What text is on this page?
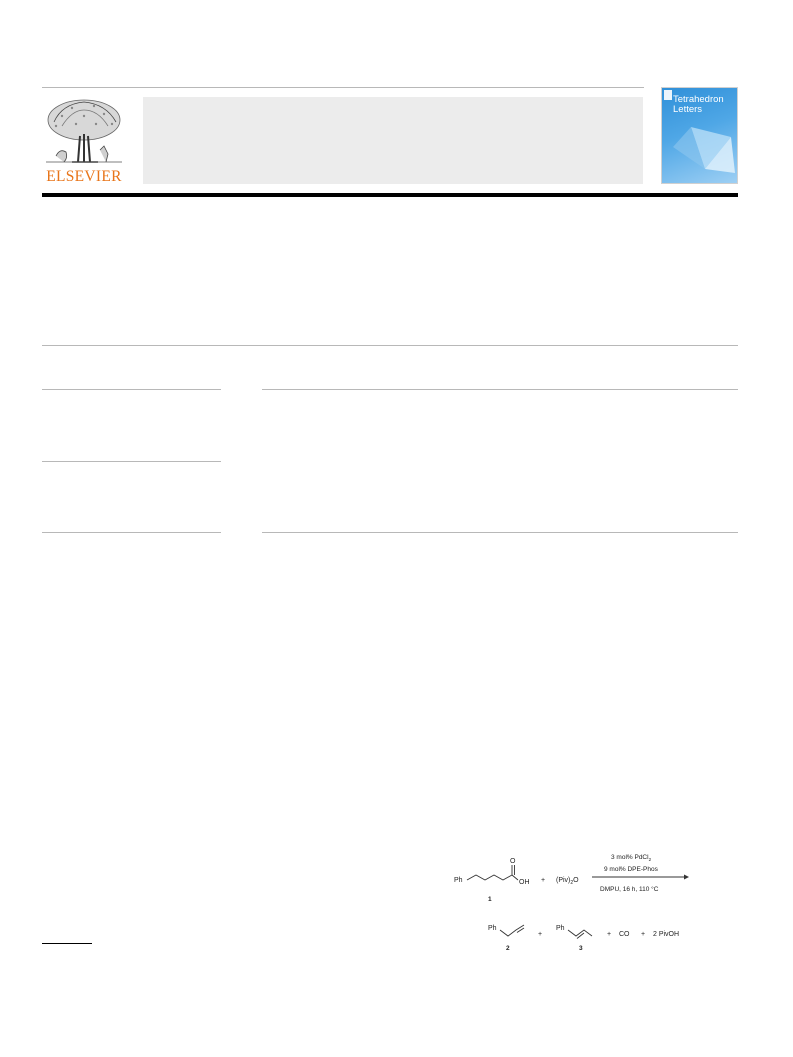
ELSEVIER
Tetrahedron
Letters
Ph
O
OH
1
+ $(Piv)_2O$
3 mol% PdCl$_2$
9 mol% DPE-Phos
DMPU, 16 h, 110 °C
Ph
2
+
Ph
3
+ CO + 2 PivOH
